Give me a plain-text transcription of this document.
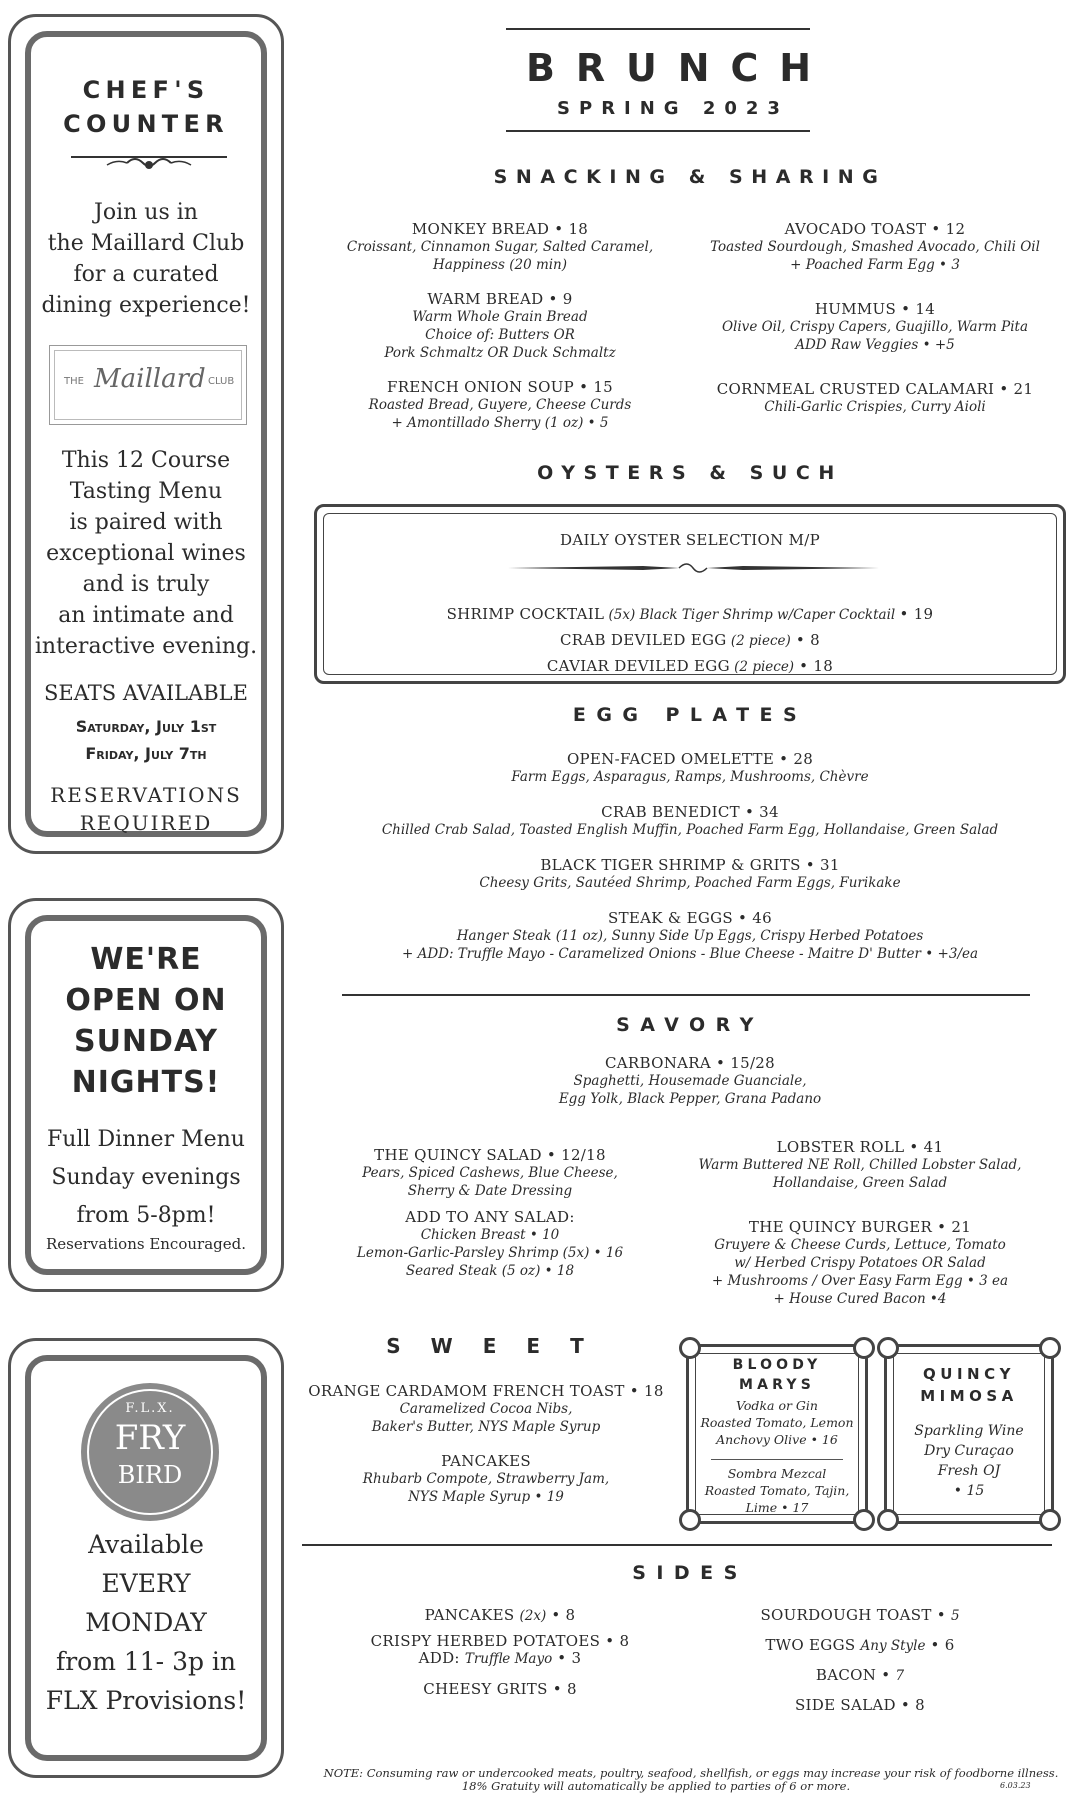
CHEF'S
COUNTER
Join us in
the Maillard Club
for a curated
dining experience!
THE Maillard CLUB
This 12 Course
Tasting Menu
is paired with
exceptional wines
and is truly
an intimate and
interactive evening.
SEATS AVAILABLE
Saturday, July 1st
Friday, July 7th
RESERVATIONS
REQUIRED
WE'RE
OPEN ON
SUNDAY
NIGHTS!
Full Dinner Menu
Sunday evenings
from 5-8pm!
Reservations Encouraged.
F.L.X.
FRY
BIRD
Available
EVERY
MONDAY
from 11- 3p in
FLX Provisions!
BRUNCH
SPRING 2023
SNACKING & SHARING

MONKEY BREAD • 18

Croissant, Cinnamon Sugar, Salted Caramel,

Happiness (20 min)

WARM BREAD • 9

Warm Whole Grain Bread

Choice of: Butters OR

Pork Schmaltz OR Duck Schmaltz

FRENCH ONION SOUP • 15

Roasted Bread, Guyere, Cheese Curds

+ Amontillado Sherry (1 oz) • 5

AVOCADO TOAST • 12

Toasted Sourdough, Smashed Avocado, Chili Oil

+ Poached Farm Egg • 3

HUMMUS • 14

Olive Oil, Crispy Capers, Guajillo, Warm Pita

ADD Raw Veggies • +5

CORNMEAL CRUSTED CALAMARI • 21

Chili-Garlic Crispies, Curry Aioli

OYSTERS & SUCH
DAILY OYSTER SELECTION M/P
SHRIMP COCKTAIL (5x) Black Tiger Shrimp w/Caper Cocktail • 19
CRAB DEVILED EGG (2 piece) • 8
CAVIAR DEVILED EGG (2 piece) • 18
EGG PLATES

OPEN-FACED OMELETTE • 28

Farm Eggs, Asparagus, Ramps, Mushrooms, Chèvre

CRAB BENEDICT • 34

Chilled Crab Salad, Toasted English Muffin, Poached Farm Egg, Hollandaise, Green Salad

BLACK TIGER SHRIMP & GRITS • 31

Cheesy Grits, Sautéed Shrimp, Poached Farm Eggs, Furikake

STEAK & EGGS • 46

Hanger Steak (11 oz), Sunny Side Up Eggs, Crispy Herbed Potatoes

+ ADD: Truffle Mayo - Caramelized Onions - Blue Cheese - Maitre D' Butter • +3/ea

SAVORY

CARBONARA • 15/28

Spaghetti, Housemade Guanciale,

Egg Yolk, Black Pepper, Grana Padano

THE QUINCY SALAD • 12/18

Pears, Spiced Cashews, Blue Cheese,

Sherry & Date Dressing

ADD TO ANY SALAD:

Chicken Breast • 10

Lemon-Garlic-Parsley Shrimp (5x) • 16

Seared Steak (5 oz) • 18

LOBSTER ROLL • 41

Warm Buttered NE Roll, Chilled Lobster Salad,

Hollandaise, Green Salad

THE QUINCY BURGER • 21

Gruyere & Cheese Curds, Lettuce, Tomato

w/ Herbed Crispy Potatoes OR Salad

+ Mushrooms / Over Easy Farm Egg • 3 ea

+ House Cured Bacon •4

SWEET

ORANGE CARDAMOM FRENCH TOAST • 18

Caramelized Cocoa Nibs,

Baker's Butter, NYS Maple Syrup

PANCAKES

Rhubarb Compote, Strawberry Jam,

NYS Maple Syrup • 19

BLOODY
MARYS
Vodka or Gin
Roasted Tomato, Lemon
Anchovy Olive • 16
Sombra Mezcal
Roasted Tomato, Tajin,
Lime • 17
QUINCY
MIMOSA
Sparkling Wine
Dry Curaçao
Fresh OJ
• 15
SIDES

PANCAKES (2x) • 8

CRISPY HERBED POTATOES • 8

ADD: Truffle Mayo • 3

CHEESY GRITS • 8

SOURDOUGH TOAST • 5

TWO EGGS Any Style • 6

BACON • 7

SIDE SALAD • 8

NOTE: Consuming raw or undercooked meats, poultry, seafood, shellfish, or eggs may increase your risk of foodborne illness.
18% Gratuity will automatically be applied to parties of 6 or more.	6.03.23
